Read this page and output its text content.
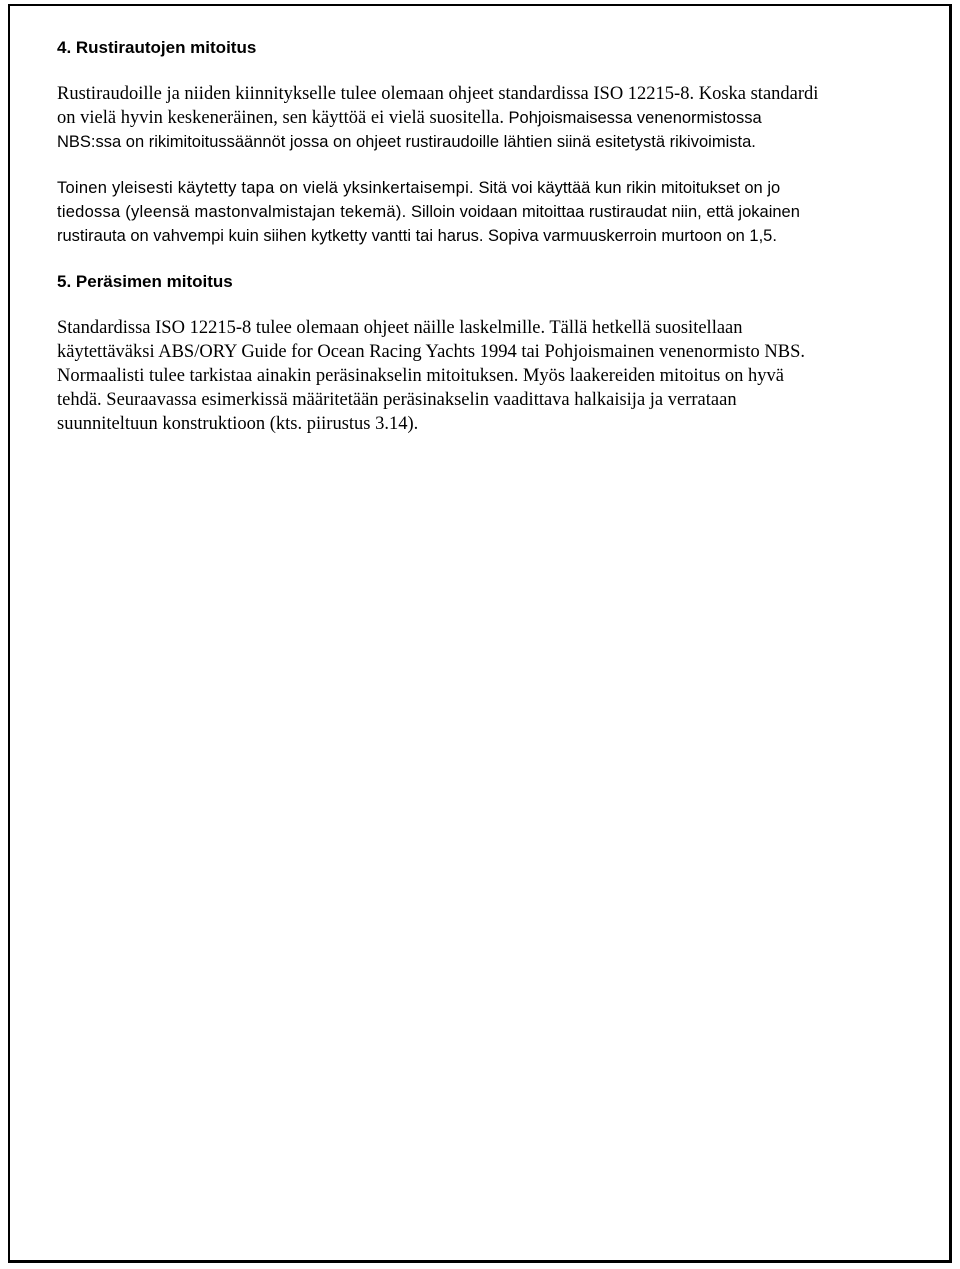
4. Rustirautojen mitoitus

Rustiraudoille ja niiden kiinnitykselle tulee olemaan ohjeet standardissa ISO 12215-8. Koska standardi
on vielä hyvin keskeneräinen, sen käyttöä ei vielä suositella. Pohjoismaisessa venenormistossa
NBS:ssa on rikimitoitussäännöt jossa on ohjeet rustiraudoille lähtien siinä esitetystä rikivoimista.

Toinen yleisesti käytetty tapa on vielä yksinkertaisempi. Sitä voi käyttää kun rikin mitoitukset on jo
tiedossa (yleensä mastonvalmistajan tekemä). Silloin voidaan mitoittaa rustiraudat niin, että jokainen
rustirauta on vahvempi kuin siihen kytketty vantti tai harus. Sopiva varmuuskerroin murtoon on 1,5.

5. Peräsimen mitoitus

Standardissa ISO 12215-8 tulee olemaan ohjeet näille laskelmille. Tällä hetkellä suositellaan
käytettäväksi ABS/ORY Guide for Ocean Racing Yachts 1994 tai Pohjoismainen venenormisto NBS.
Normaalisti tulee tarkistaa ainakin peräsinakselin mitoituksen. Myös laakereiden mitoitus on hyvä
tehdä. Seuraavassa esimerkissä määritetään peräsinakselin vaadittava halkaisija ja verrataan
suunniteltuun konstruktioon (kts. piirustus 3.14).
